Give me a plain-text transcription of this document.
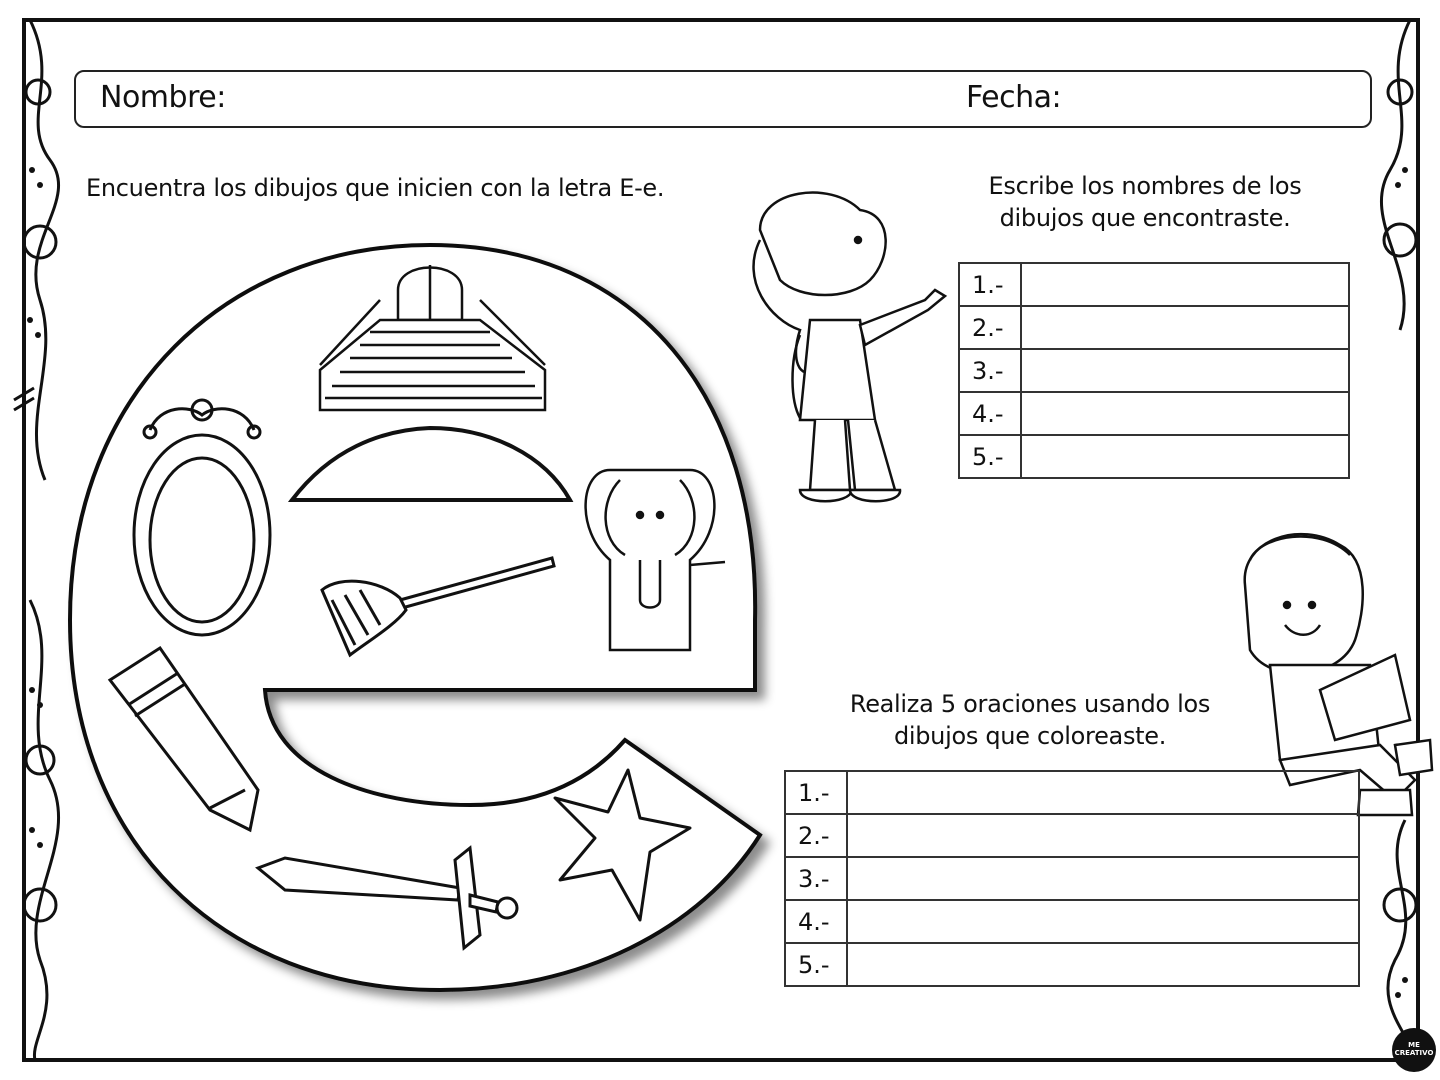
Nombre:	Fecha:
Encuentra los dibujos que inicien con la letra E-e.	Escribe los nombres de los
dibujos que encontraste.
Realiza 5 oraciones usando los
dibujos que coloreaste.
1.-	
2.-	
3.-	
4.-	
5.-	
1.-	
2.-	
3.-	
4.-	
5.-	
ME CREATIVO
